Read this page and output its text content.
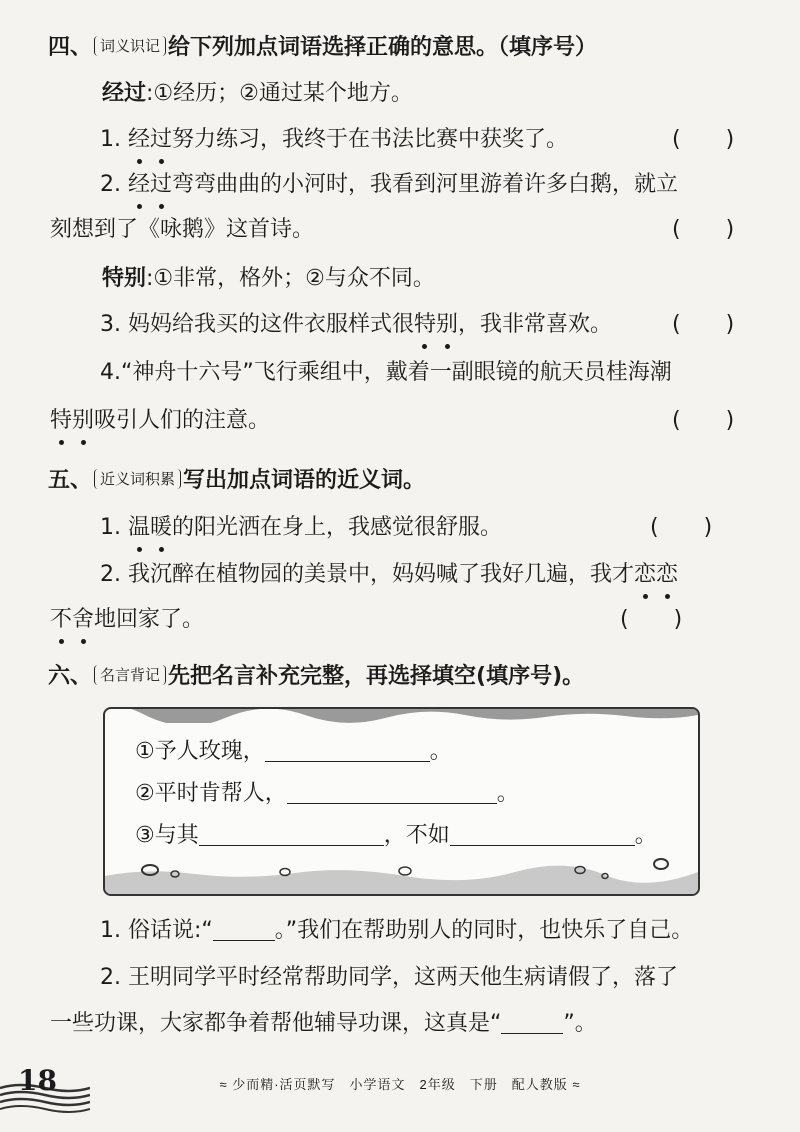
四、 词义识记 给下列加点词语选择正确的意思。（填序号）
经过:①经历；②通过某个地方。
1. 经过努力练习，我终于在书法比赛中获奖了。	( )
2. 经过弯弯曲曲的小河时，我看到河里游着许多白鹅，就立
刻想到了《咏鹅》这首诗。	( )
特别:①非常，格外；②与众不同。
3. 妈妈给我买的这件衣服样式很特别，我非常喜欢。	( )
4.“神舟十六号”飞行乘组中，戴着一副眼镜的航天员桂海潮
特别吸引人们的注意。	( )
五、 近义词积累 写出加点词语的近义词。
1. 温暖的阳光洒在身上，我感觉很舒服。	( )
2. 我沉醉在植物园的美景中，妈妈喊了我好几遍，我才恋恋
不舍地回家了。	( )
六、 名言背记 先把名言补充完整，再选择填空(填序号)。
①予人玫瑰，	。
②平时肯帮人，	。
③与其	，不如	。
1. 俗话说:“	。”我们在帮助别人的同时，也快乐了自己。
2. 王明同学平时经常帮助同学，这两天他生病请假了，落了
一些功课，大家都争着帮他辅导功课，这真是“	”。
18	≈ 少而精·活页默写　小学语文　2年级　下册　配人教版 ≈
